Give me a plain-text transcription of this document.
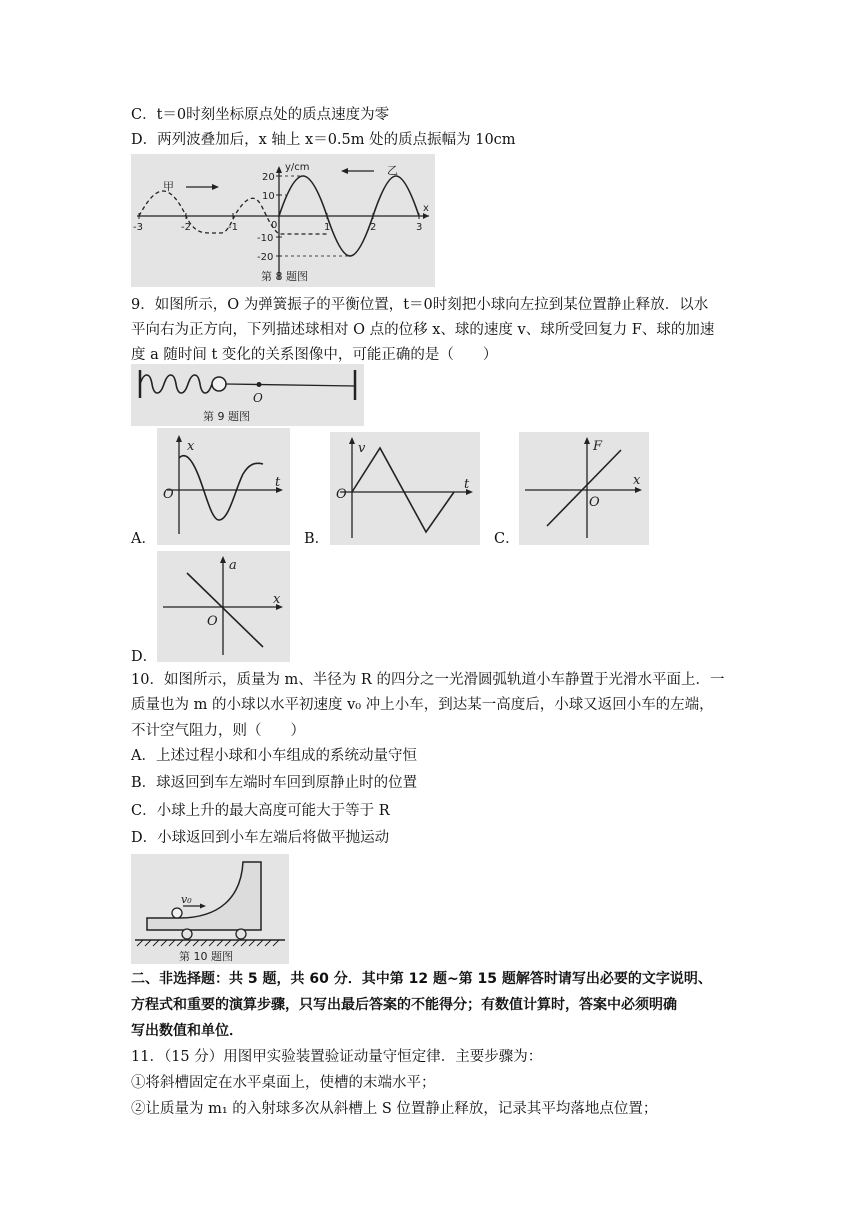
C．t＝0时刻坐标原点处的质点速度为零
D．两列波叠加后，x 轴上 x＝0.5m 处的质点振幅为 10cm
y/cm
x
甲
乙
-3	-2	-1	0	1	2	3
20
10
-10
-20
第 8 题图
9．如图所示，O 为弹簧振子的平衡位置，t＝0时刻把小球向左拉到某位置静止释放．以水
平向右为正方向，下列描述球相对 O 点的位移 x、球的速度 v、球所受回复力 F、球的加速
度 a 随时间 t 变化的关系图像中，可能正确的是（　　）
O
第 9 题图
x
t
O
A．
v
t
O
B．
F
x
O
C．
a
x
O
D．
10．如图所示，质量为 m、半径为 R 的四分之一光滑圆弧轨道小车静置于光滑水平面上．一
质量也为 m 的小球以水平初速度 v₀ 冲上小车，到达某一高度后，小球又返回小车的左端，
不计空气阻力，则（　　）
A．上述过程小球和小车组成的系统动量守恒
B．球返回到车左端时车回到原静止时的位置
C．小球上升的最大高度可能大于等于 R
D．小球返回到小车左端后将做平抛运动
v₀
第 10 题图
二、非选择题：共 5 题，共 60 分．其中第 12 题~第 15 题解答时请写出必要的文字说明、
方程式和重要的演算步骤，只写出最后答案的不能得分；有数值计算时，答案中必须明确
写出数值和单位．
11．（15 分）用图甲实验装置验证动量守恒定律．主要步骤为：
①将斜槽固定在水平桌面上，使槽的末端水平；
②让质量为 m₁ 的入射球多次从斜槽上 S 位置静止释放，记录其平均落地点位置；
